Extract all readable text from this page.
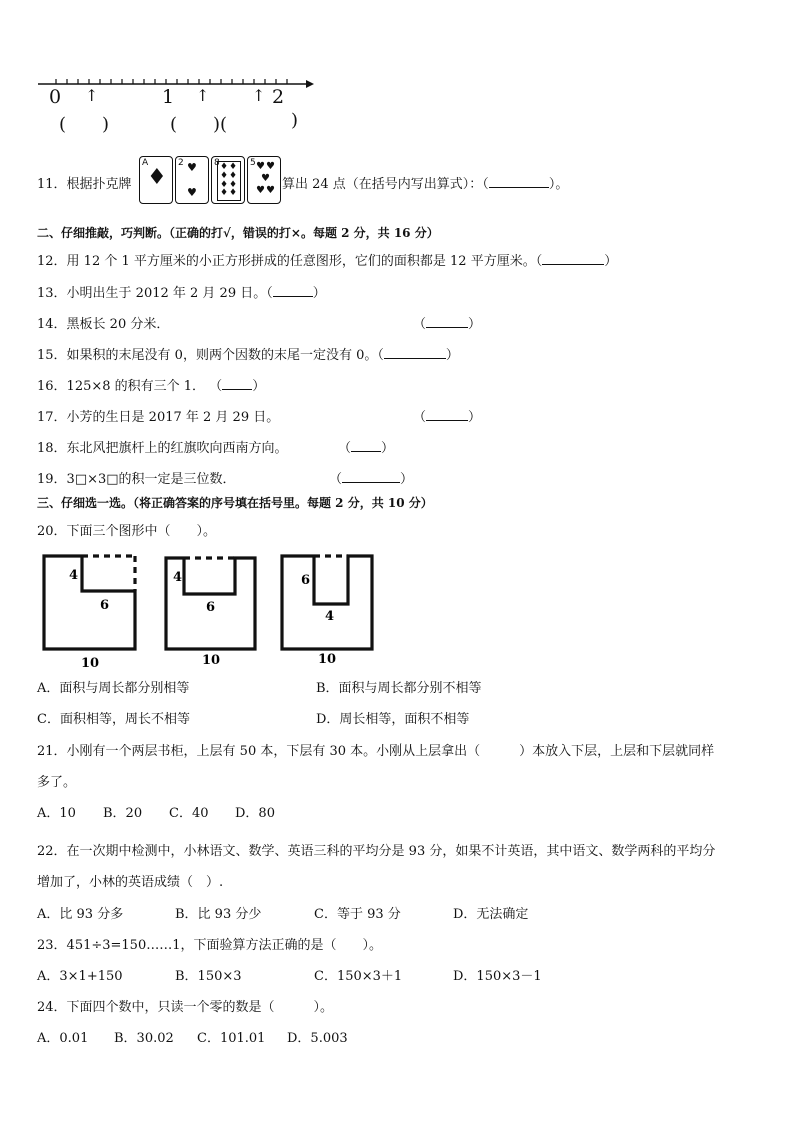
0	1	2
↑	↑	↑
(　　)	(　　)(	)
11．根据扑克牌
A
♦
2 ♥
♥
8 ♦ ♦
♦ ♦
♦ ♦
♦ ♦
5 ♥ ♥
♥
♥ ♥ 算出 24 点（在括号内写出算式）：（	）。
二、仔细推敲，巧判断。（正确的打√，错误的打×。每题 2 分，共 16 分）
12．用 12 个 1 平方厘米的小正方形拼成的任意图形，它们的面积都是 12 平方厘米。（	）
13．小明出生于 2012 年 2 月 29 日。（	）
14．黑板长 20 分米．	（	）
15．如果积的末尾没有 0，则两个因数的末尾一定没有 0。（	）
16．125×8 的积有三个 1． （ ）
17．小芳的生日是 2017 年 2 月 29 日。	（	）
18．东北风把旗杆上的红旗吹向西南方向。	（ ）
19．3□×3□的积一定是三位数．	（	）
三、仔细选一选。（将正确答案的序号填在括号里。每题 2 分，共 10 分）
20．下面三个图形中（　　）。
4
6
10
4
6
10
6
4
10
A．面积与周长都分别相等	B．面积与周长都分别不相等
C．面积相等，周长不相等	D．周长相等，面积不相等
21．小刚有一个两层书柜，上层有 50 本，下层有 30 本。小刚从上层拿出（　　　）本放入下层，上层和下层就同样
多了。
A．10 B．20 C．40 D．80
22．在一次期中检测中，小林语文、数学、英语三科的平均分是 93 分，如果不计英语，其中语文、数学两科的平均分
增加了，小林的英语成绩（　）.
A．比 93 分多	B．比 93 分少	C．等于 93 分	D．无法确定
23．451÷3=150……1，下面验算方法正确的是（　　）。
A．3×1+150	B．150×3	C．150×3＋1	D．150×3－1
24．下面四个数中，只读一个零的数是（　　　）。
A．0.01 B．30.02 C．101.01 D．5.003
